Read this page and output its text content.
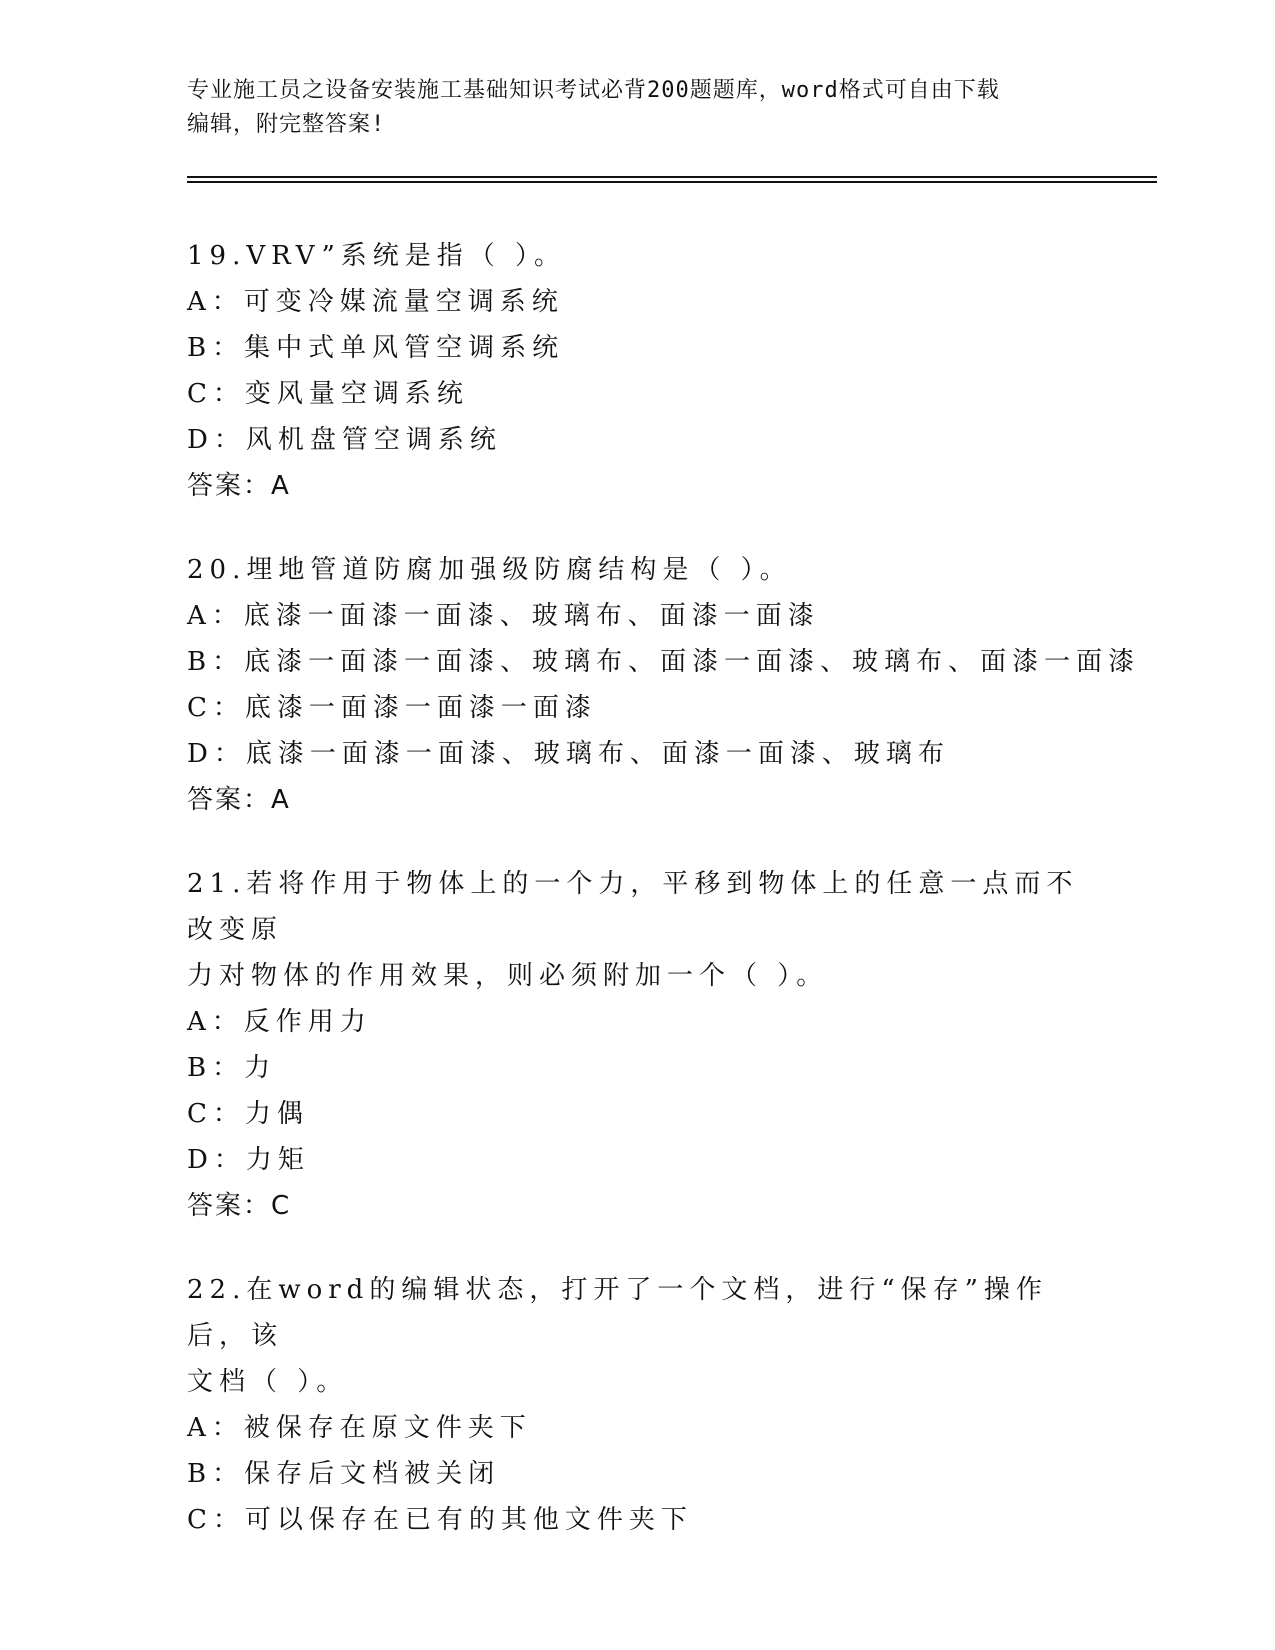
专业施工员之设备安装施工基础知识考试必背200题题库，word格式可自由下载
编辑，附完整答案!
19.VRV”系统是指（ ）。
A：可变冷媒流量空调系统
B：集中式单风管空调系统
C：变风量空调系统
D：风机盘管空调系统
答案：A
20.埋地管道防腐加强级防腐结构是（ ）。
A：底漆一面漆一面漆、玻璃布、面漆一面漆
B：底漆一面漆一面漆、玻璃布、面漆一面漆、玻璃布、面漆一面漆
C：底漆一面漆一面漆一面漆
D：底漆一面漆一面漆、玻璃布、面漆一面漆、玻璃布
答案：A
21.若将作用于物体上的一个力，平移到物体上的任意一点而不改变原
力对物体的作用效果，则必须附加一个（ ）。
A：反作用力
B：力
C：力偶
D：力矩
答案：C
22.在word的编辑状态，打开了一个文档，进行“保存”操作后，该
文档（ ）。
A：被保存在原文件夹下
B：保存后文档被关闭
C：可以保存在已有的其他文件夹下
